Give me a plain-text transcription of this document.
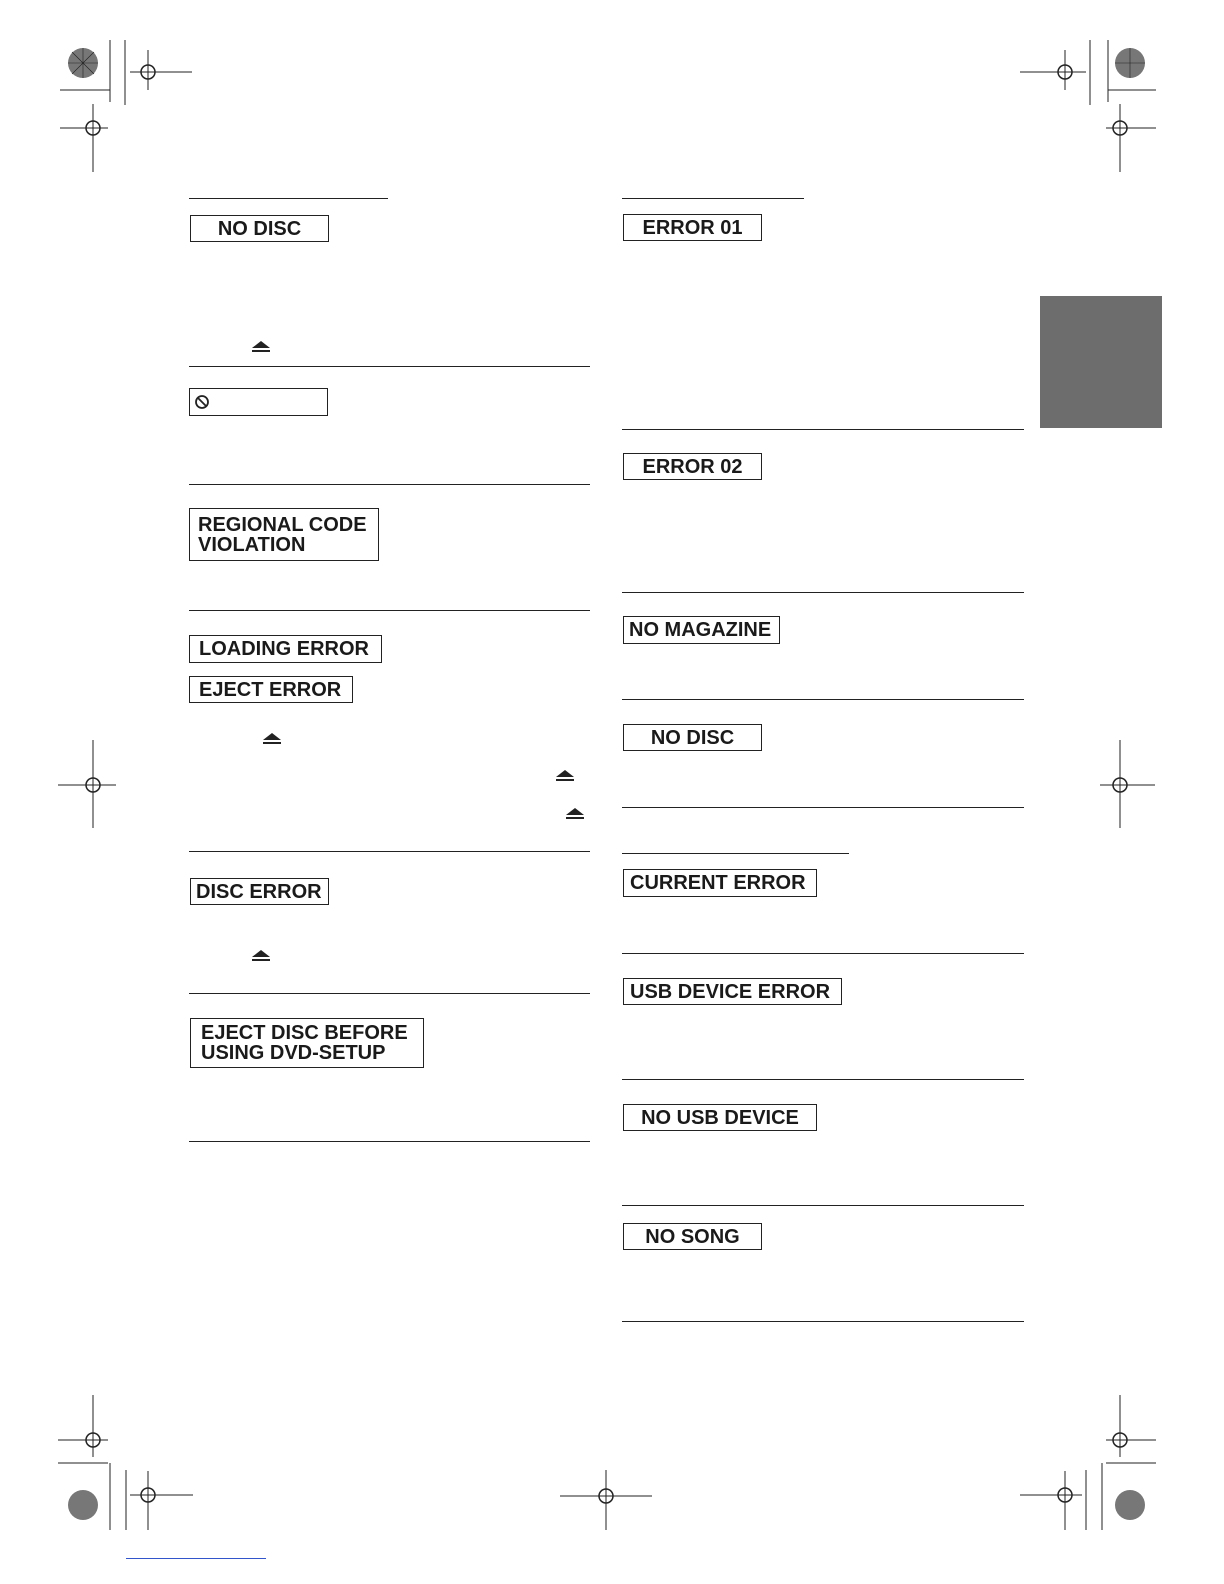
NO DISC
REGIONAL CODE
VIOLATION
LOADING ERROR
EJECT ERROR
DISC ERROR
EJECT DISC BEFORE
USING DVD-SETUP
ERROR 01
ERROR 02
NO MAGAZINE
NO DISC
CURRENT ERROR
USB DEVICE ERROR
NO USB DEVICE
NO SONG
